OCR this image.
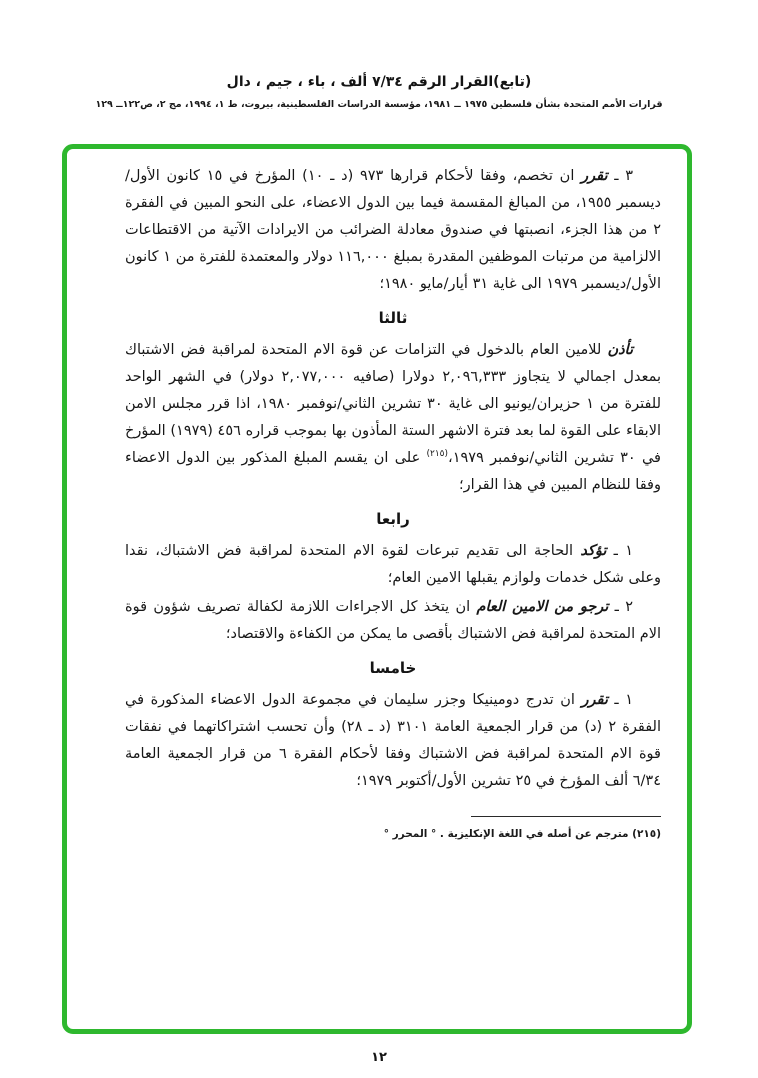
(تابع)القرار الرقم ٧/٣٤ ألف ، باء ، جيم ، دال
قرارات الأمم المتحدة بشأن فلسطين ١٩٧٥ ــ ١٩٨١، مؤسسة الدراسات الفلسطينية، بيروت، ط ١، ١٩٩٤، مج ٢، ص١٢٢ــ ١٢٩

٣ ـ تقرر ان تخصم، وفقا لأحكام قرارها ٩٧٣ (د ـ ١٠) المؤرخ في ١٥ كانون الأول/ديسمبر ١٩٥٥، من المبالغ المقسمة فيما بين الدول الاعضاء، على النحو المبين في الفقرة ٢ من هذا الجزء، انصبتها في صندوق معادلة الضرائب من الايرادات الآتية من الاقتطاعات الالزامية من مرتبات الموظفين المقدرة بمبلغ ١١٦,٠٠٠ دولار والمعتمدة للفترة من ١ كانون الأول/ديسمبر ١٩٧٩ الى غاية ٣١ أيار/مايو ١٩٨٠؛

ثالثا

تأذن للامين العام بالدخول في التزامات عن قوة الام المتحدة لمراقبة فض الاشتباك بمعدل اجمالي لا يتجاوز ٢,٠٩٦,٣٣٣ دولارا (صافيه ٢,٠٧٧,٠٠٠ دولار) في الشهر الواحد للفترة من ١ حزيران/يونيو الى غاية ٣٠ تشرين الثاني/نوفمبر ١٩٨٠، اذا قرر مجلس الامن الابقاء على القوة لما بعد فترة الاشهر الستة المأذون بها بموجب قراره ٤٥٦ (١٩٧٩) المؤرخ في ٣٠ تشرين الثاني/نوفمبر ١٩٧٩،$^{(٢١٥)}$ على ان يقسم المبلغ المذكور بين الدول الاعضاء وفقا للنظام المبين في هذا القرار؛

رابعا

١ ـ تؤكد الحاجة الى تقديم تبرعات لقوة الام المتحدة لمراقبة فض الاشتباك، نقدا وعلى شكل خدمات ولوازم يقبلها الامين العام؛

٢ ـ ترجو من الامين العام ان يتخذ كل الاجراءات اللازمة لكفالة تصريف شؤون قوة الام المتحدة لمراقبة فض الاشتباك بأقصى ما يمكن من الكفاءة والاقتصاد؛

خامسا

١ ـ تقرر ان تدرج دومينيكا وجزر سليمان في مجموعة الدول الاعضاء المذكورة في الفقرة ٢ (د) من قرار الجمعية العامة ٣١٠١ (د ـ ٢٨) وأن تحسب اشتراكاتهما في نفقات قوة الام المتحدة لمراقبة فض الاشتباك وفقا لأحكام الفقرة ٦ من قرار الجمعية العامة ٦/٣٤ ألف المؤرخ في ٢٥ تشرين الأول/أكتوبر ١٩٧٩؛

(٢١٥) مترجم عن أصله في اللغة الإنكليزية . ° المحرر °
١٢
